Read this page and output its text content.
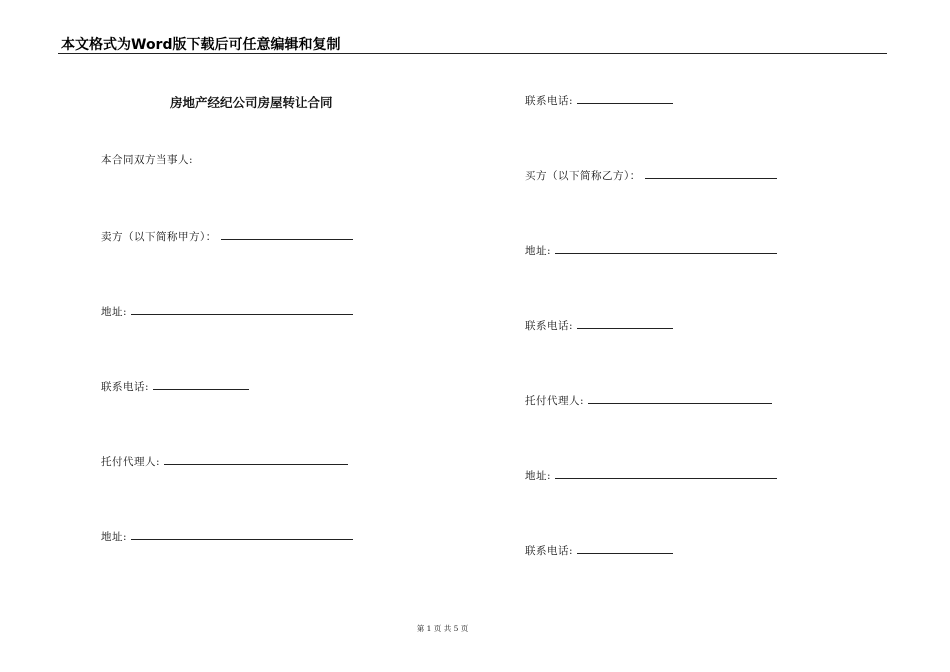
本文格式为Word版下载后可任意编辑和复制
房地产经纪公司房屋转让合同
本合同双方当事人:
卖方（以下简称甲方）：
地址:
联系电话:
托付代理人:
地址:
联系电话:
买方（以下简称乙方）：
地址:
联系电话:
托付代理人:
地址:
联系电话:
第 1 页 共 5 页
